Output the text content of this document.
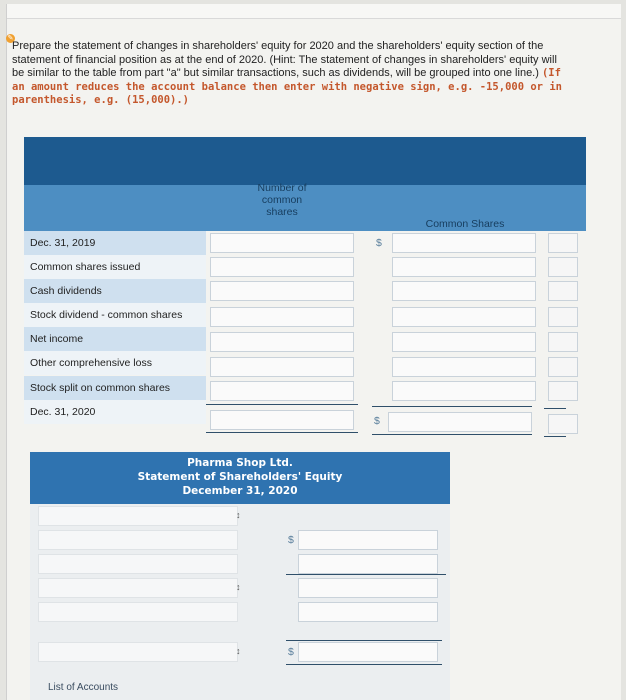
✎
Prepare the statement of changes in shareholders' equity for 2020 and the shareholders' equity section of the
statement of financial position as at the end of 2020. (Hint: The statement of changes in shareholders' equity will
be similar to the table from part "a" but similar transactions, such as dividends, will be grouped into one line.) (If
an amount reduces the account balance then enter with negative sign, e.g. -15,000 or in
parenthesis, e.g. (15,000).)
Number of common shares
Common Shares
Dec. 31, 2019	$
Common shares issued
Cash dividends
Stock dividend - common shares
Net income
Other comprehensive loss
Stock split on common shares
Dec. 31, 2020
$
Pharma Shop Ltd.
Statement of Shareholders' Equity
December 31, 2020
↕
$
↕
↕	$
List of Accounts
